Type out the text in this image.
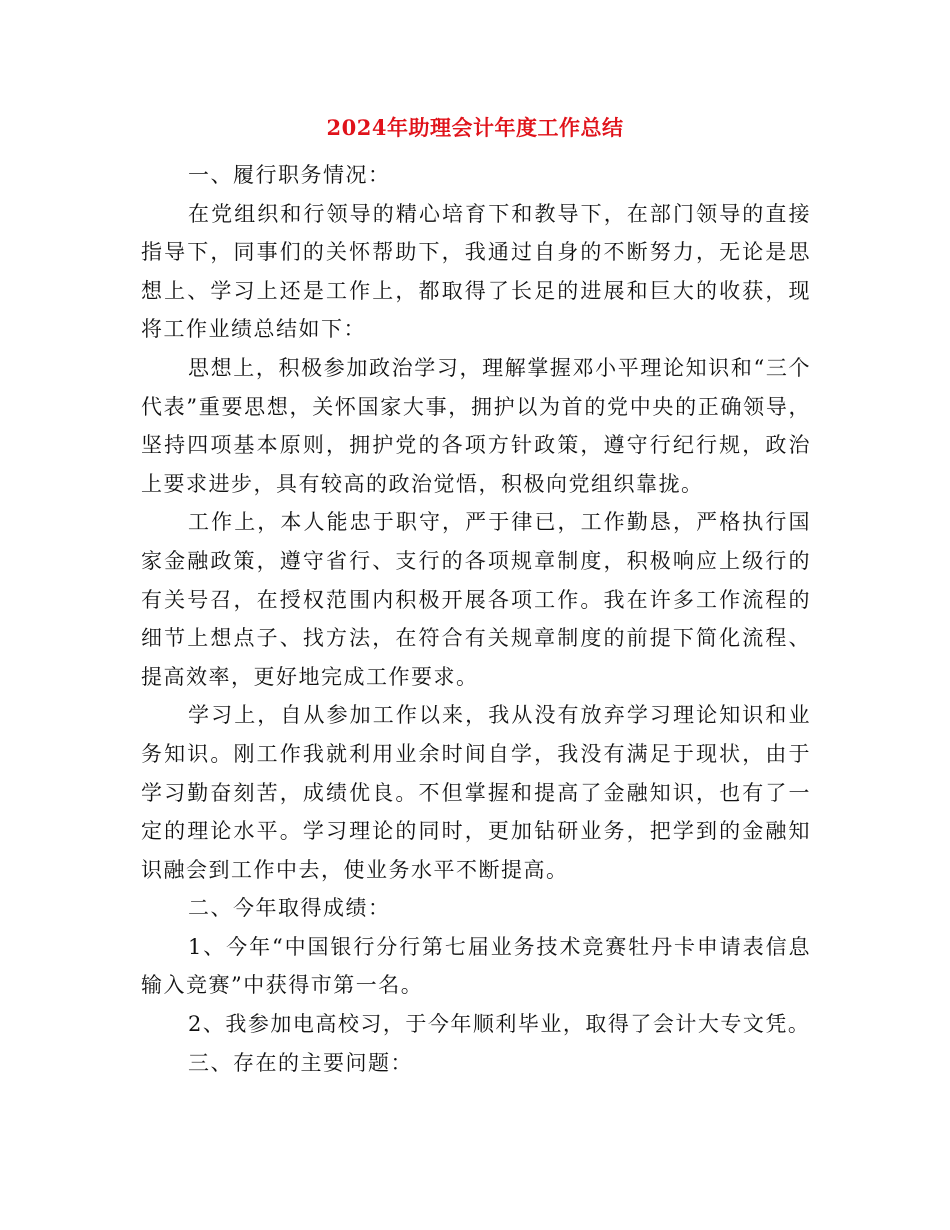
2024年助理会计年度工作总结

一、履行职务情况：

在党组织和行领导的精心培育下和教导下，在部门领导的直接指导下，同事们的关怀帮助下，我通过自身的不断努力，无论是思想上、学习上还是工作上，都取得了长足的进展和巨大的收获，现将工作业绩总结如下：

思想上，积极参加政治学习，理解掌握邓小平理论知识和“三个代表”重要思想，关怀国家大事，拥护以为首的党中央的正确领导，坚持四项基本原则，拥护党的各项方针政策，遵守行纪行规，政治上要求进步，具有较高的政治觉悟，积极向党组织靠拢。

工作上，本人能忠于职守，严于律已，工作勤恳，严格执行国家金融政策，遵守省行、支行的各项规章制度，积极响应上级行的有关号召，在授权范围内积极开展各项工作。我在许多工作流程的细节上想点子、找方法，在符合有关规章制度的前提下简化流程、提高效率，更好地完成工作要求。

学习上，自从参加工作以来，我从没有放弃学习理论知识和业务知识。刚工作我就利用业余时间自学，我没有满足于现状，由于学习勤奋刻苦，成绩优良。不但掌握和提高了金融知识，也有了一定的理论水平。学习理论的同时，更加钻研业务，把学到的金融知识融会到工作中去，使业务水平不断提高。

二、今年取得成绩：

1、今年“中国银行分行第七届业务技术竞赛牡丹卡申请表信息输入竞赛”中获得市第一名。

2、我参加电高校习，于今年顺利毕业，取得了会计大专文凭。

三、存在的主要问题：
